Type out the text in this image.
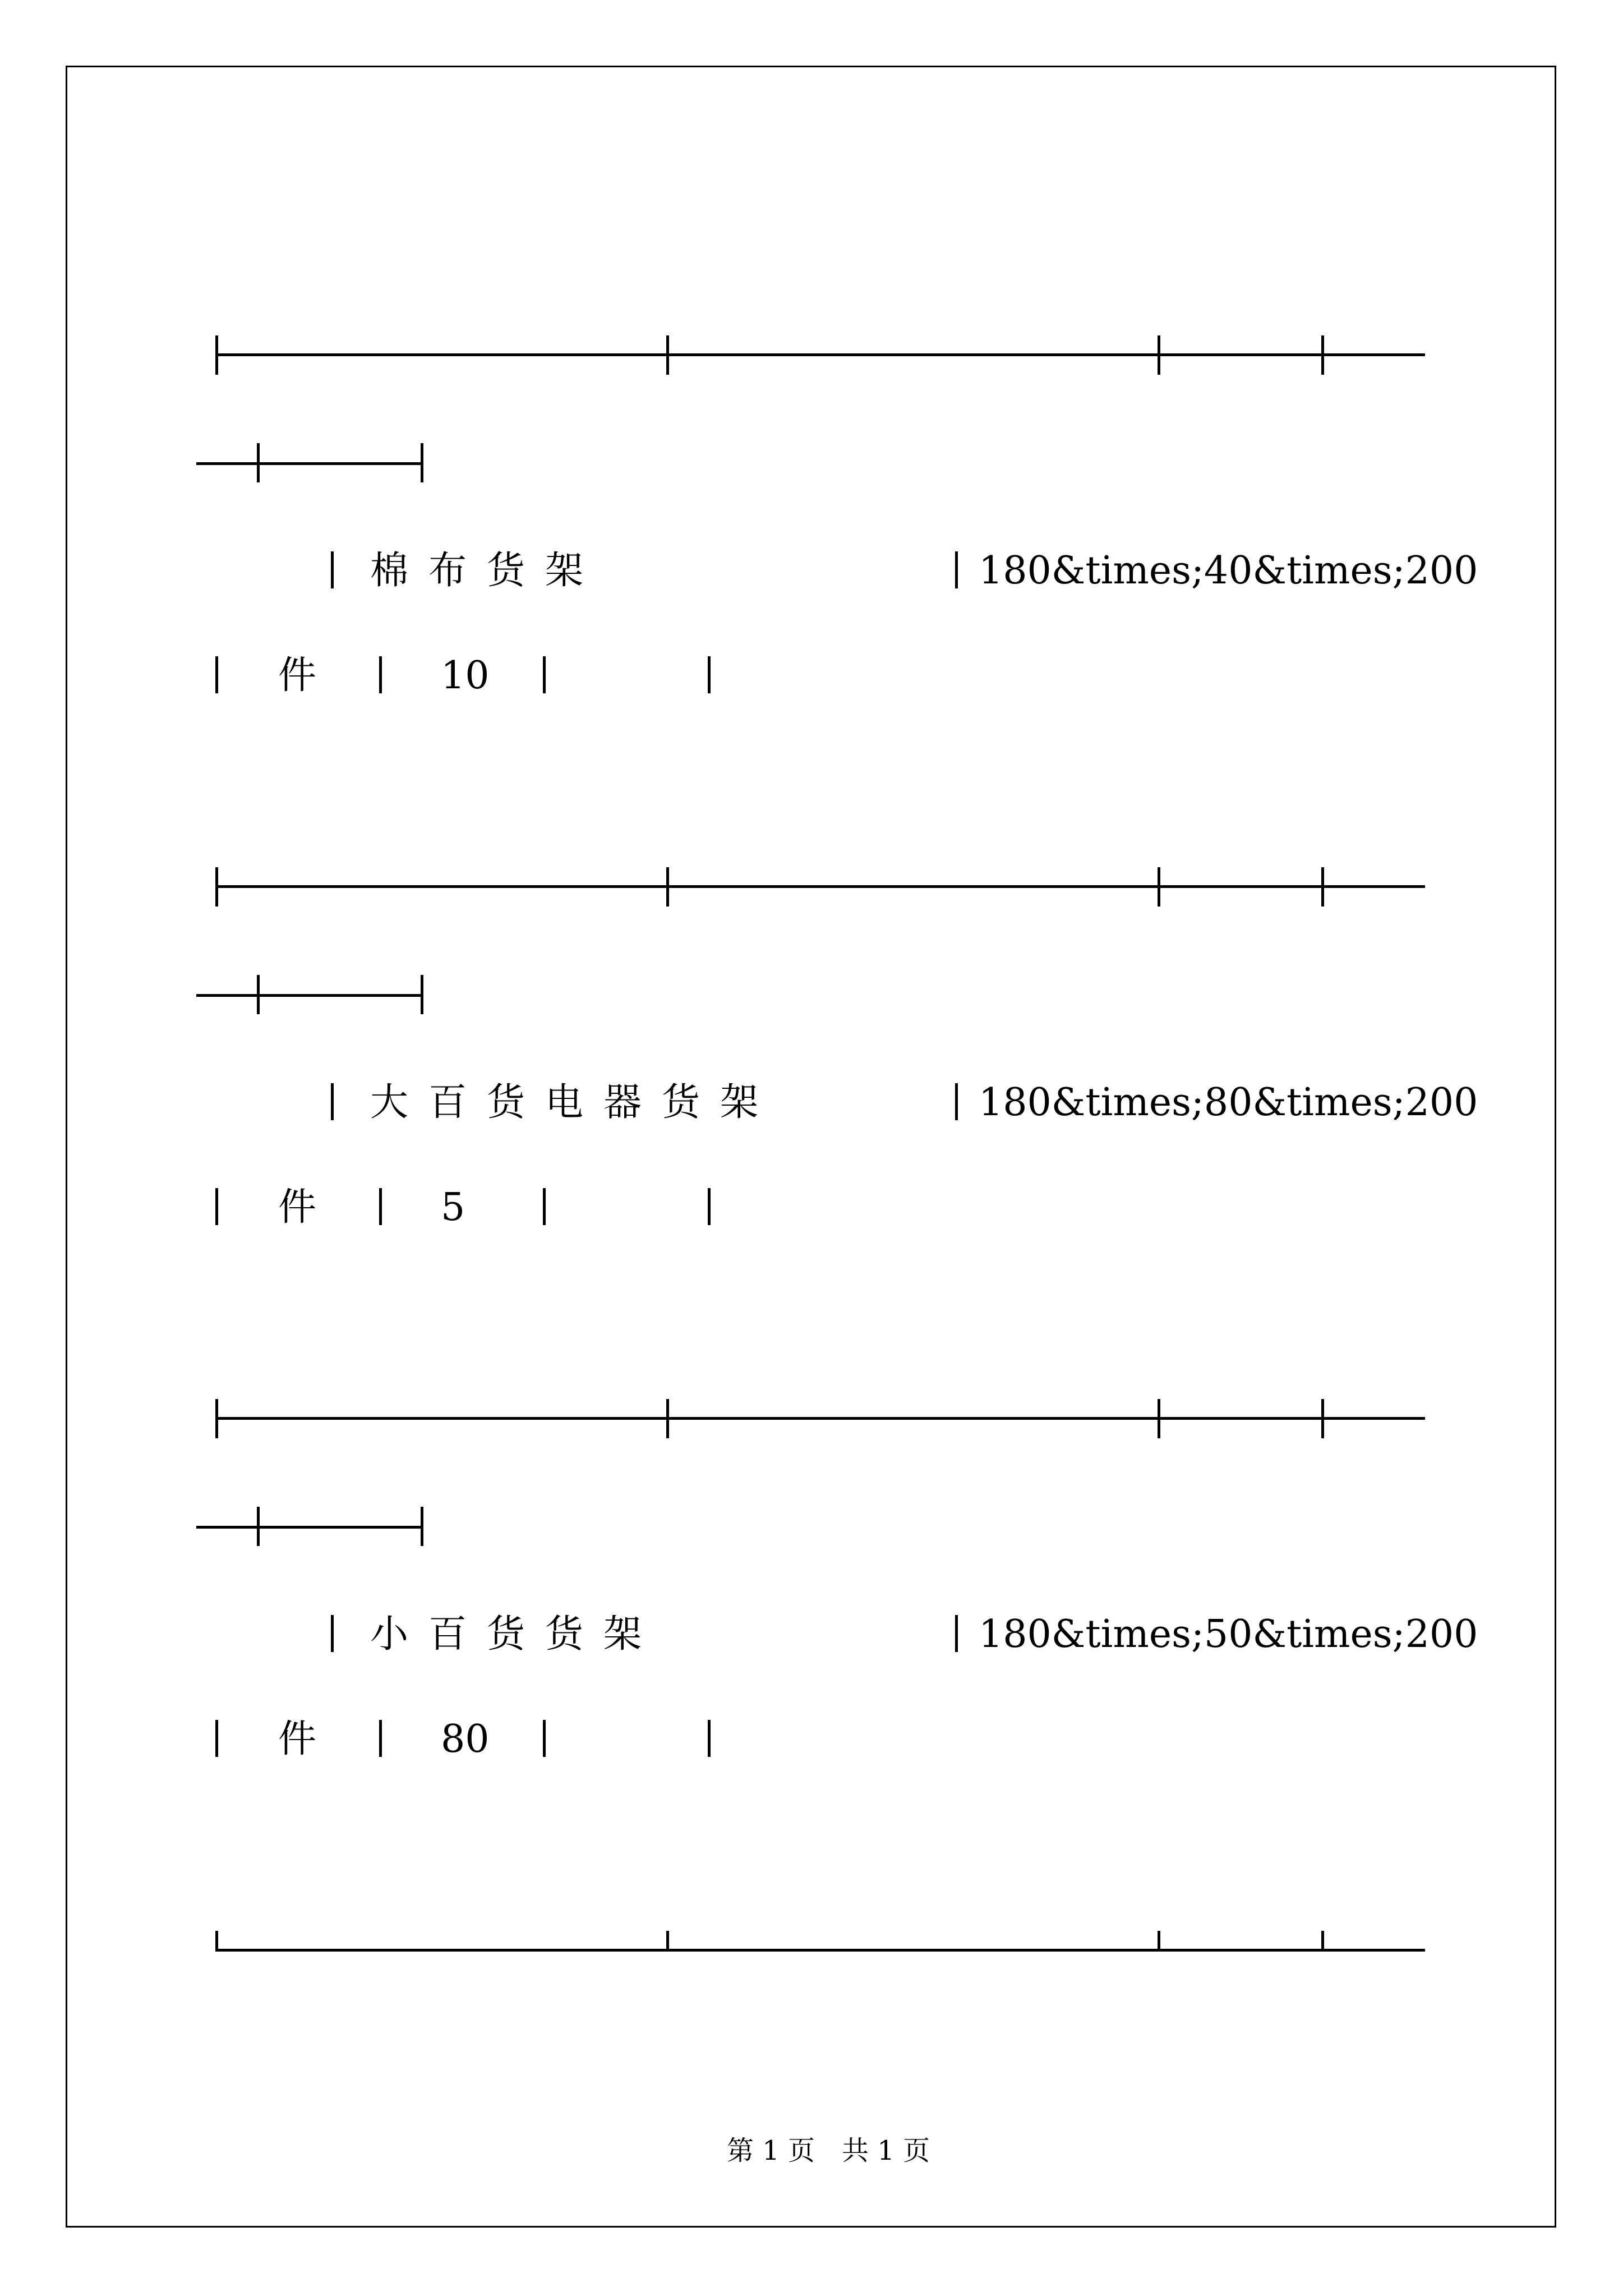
棉布货架	180&times;40&times;200
件	10
大百货电器货架	180&times;80&times;200
件	5
小百货货架	180&times;50&times;200
件	80
第 1 页　共 1 页
